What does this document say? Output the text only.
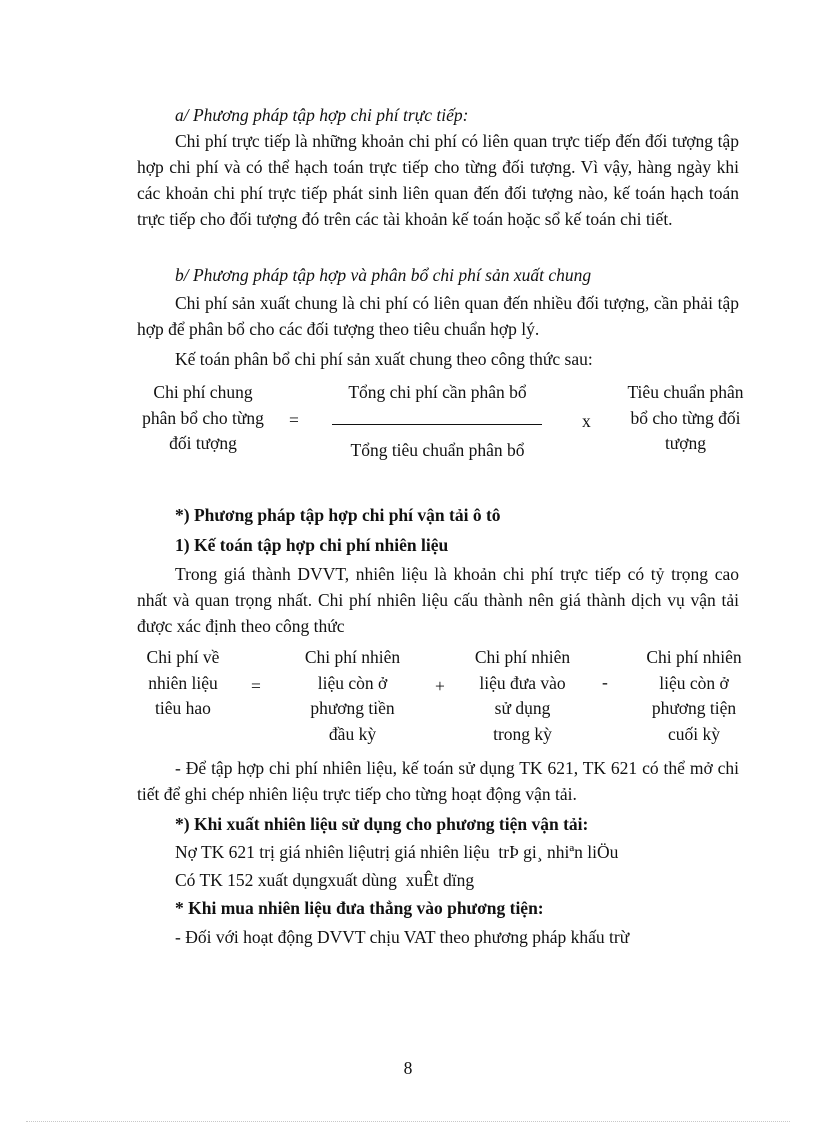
a/ Phương pháp tập hợp chi phí trực tiếp:
Chi phí trực tiếp là những khoản chi phí có liên quan trực tiếp đến đối tượng tập hợp chi phí và có thể hạch toán trực tiếp cho từng đối tượng. Vì vậy, hàng ngày khi các khoản chi phí trực tiếp phát sinh liên quan đến đối tượng nào, kế toán hạch toán trực tiếp cho đối tượng đó trên các tài khoản kế toán hoặc sổ kế toán chi tiết.
b/ Phương pháp tập hợp và phân bổ chi phí sản xuất chung
Chi phí sản xuất chung là chi phí có liên quan đến nhiều đối tượng, cần phải tập hợp để phân bổ cho các đối tượng theo tiêu chuẩn hợp lý.
Kế toán phân bổ chi phí sản xuất chung theo công thức sau:
Chi phí chung
phân bổ cho từng
đối tượng
=
Tổng chi phí cần phân bổ
Tổng tiêu chuẩn phân bổ
x
Tiêu chuẩn phân
bổ cho từng đối
tượng
*) Phương pháp tập hợp chi phí vận tải ô tô
1) Kế toán tập hợp chi phí nhiên liệu
Trong giá thành DVVT, nhiên liệu là khoản chi phí trực tiếp có tỷ trọng cao nhất và quan trọng nhất. Chi phí nhiên liệu cấu thành nên giá thành dịch vụ vận tải được xác định theo công thức
Chi phí về
nhiên liệu
tiêu hao
=
Chi phí nhiên
liệu còn ở
phương tiền
đầu kỳ
+
Chi phí nhiên
liệu đưa vào
sử dụng
trong kỳ
-
Chi phí nhiên
liệu còn ở
phương tiện
cuối kỳ
- Để tập hợp chi phí nhiên liệu, kế toán sử dụng TK 621, TK 621 có thể mở chi tiết để ghi chép nhiên liệu trực tiếp cho từng hoạt động vận tải.
*) Khi xuất nhiên liệu sử dụng cho phương tiện vận tải:
Nợ TK 621 trị giá nhiên liệutrị giá nhiên liệu  trÞ gi¸ nhiªn liÖu
Có TK 152 xuất dụngxuất dùng  xuÊt dïng
* Khi mua nhiên liệu đưa thẳng vào phương tiện:
- Đối với hoạt động DVVT chịu VAT theo phương pháp khấu trừ
8
